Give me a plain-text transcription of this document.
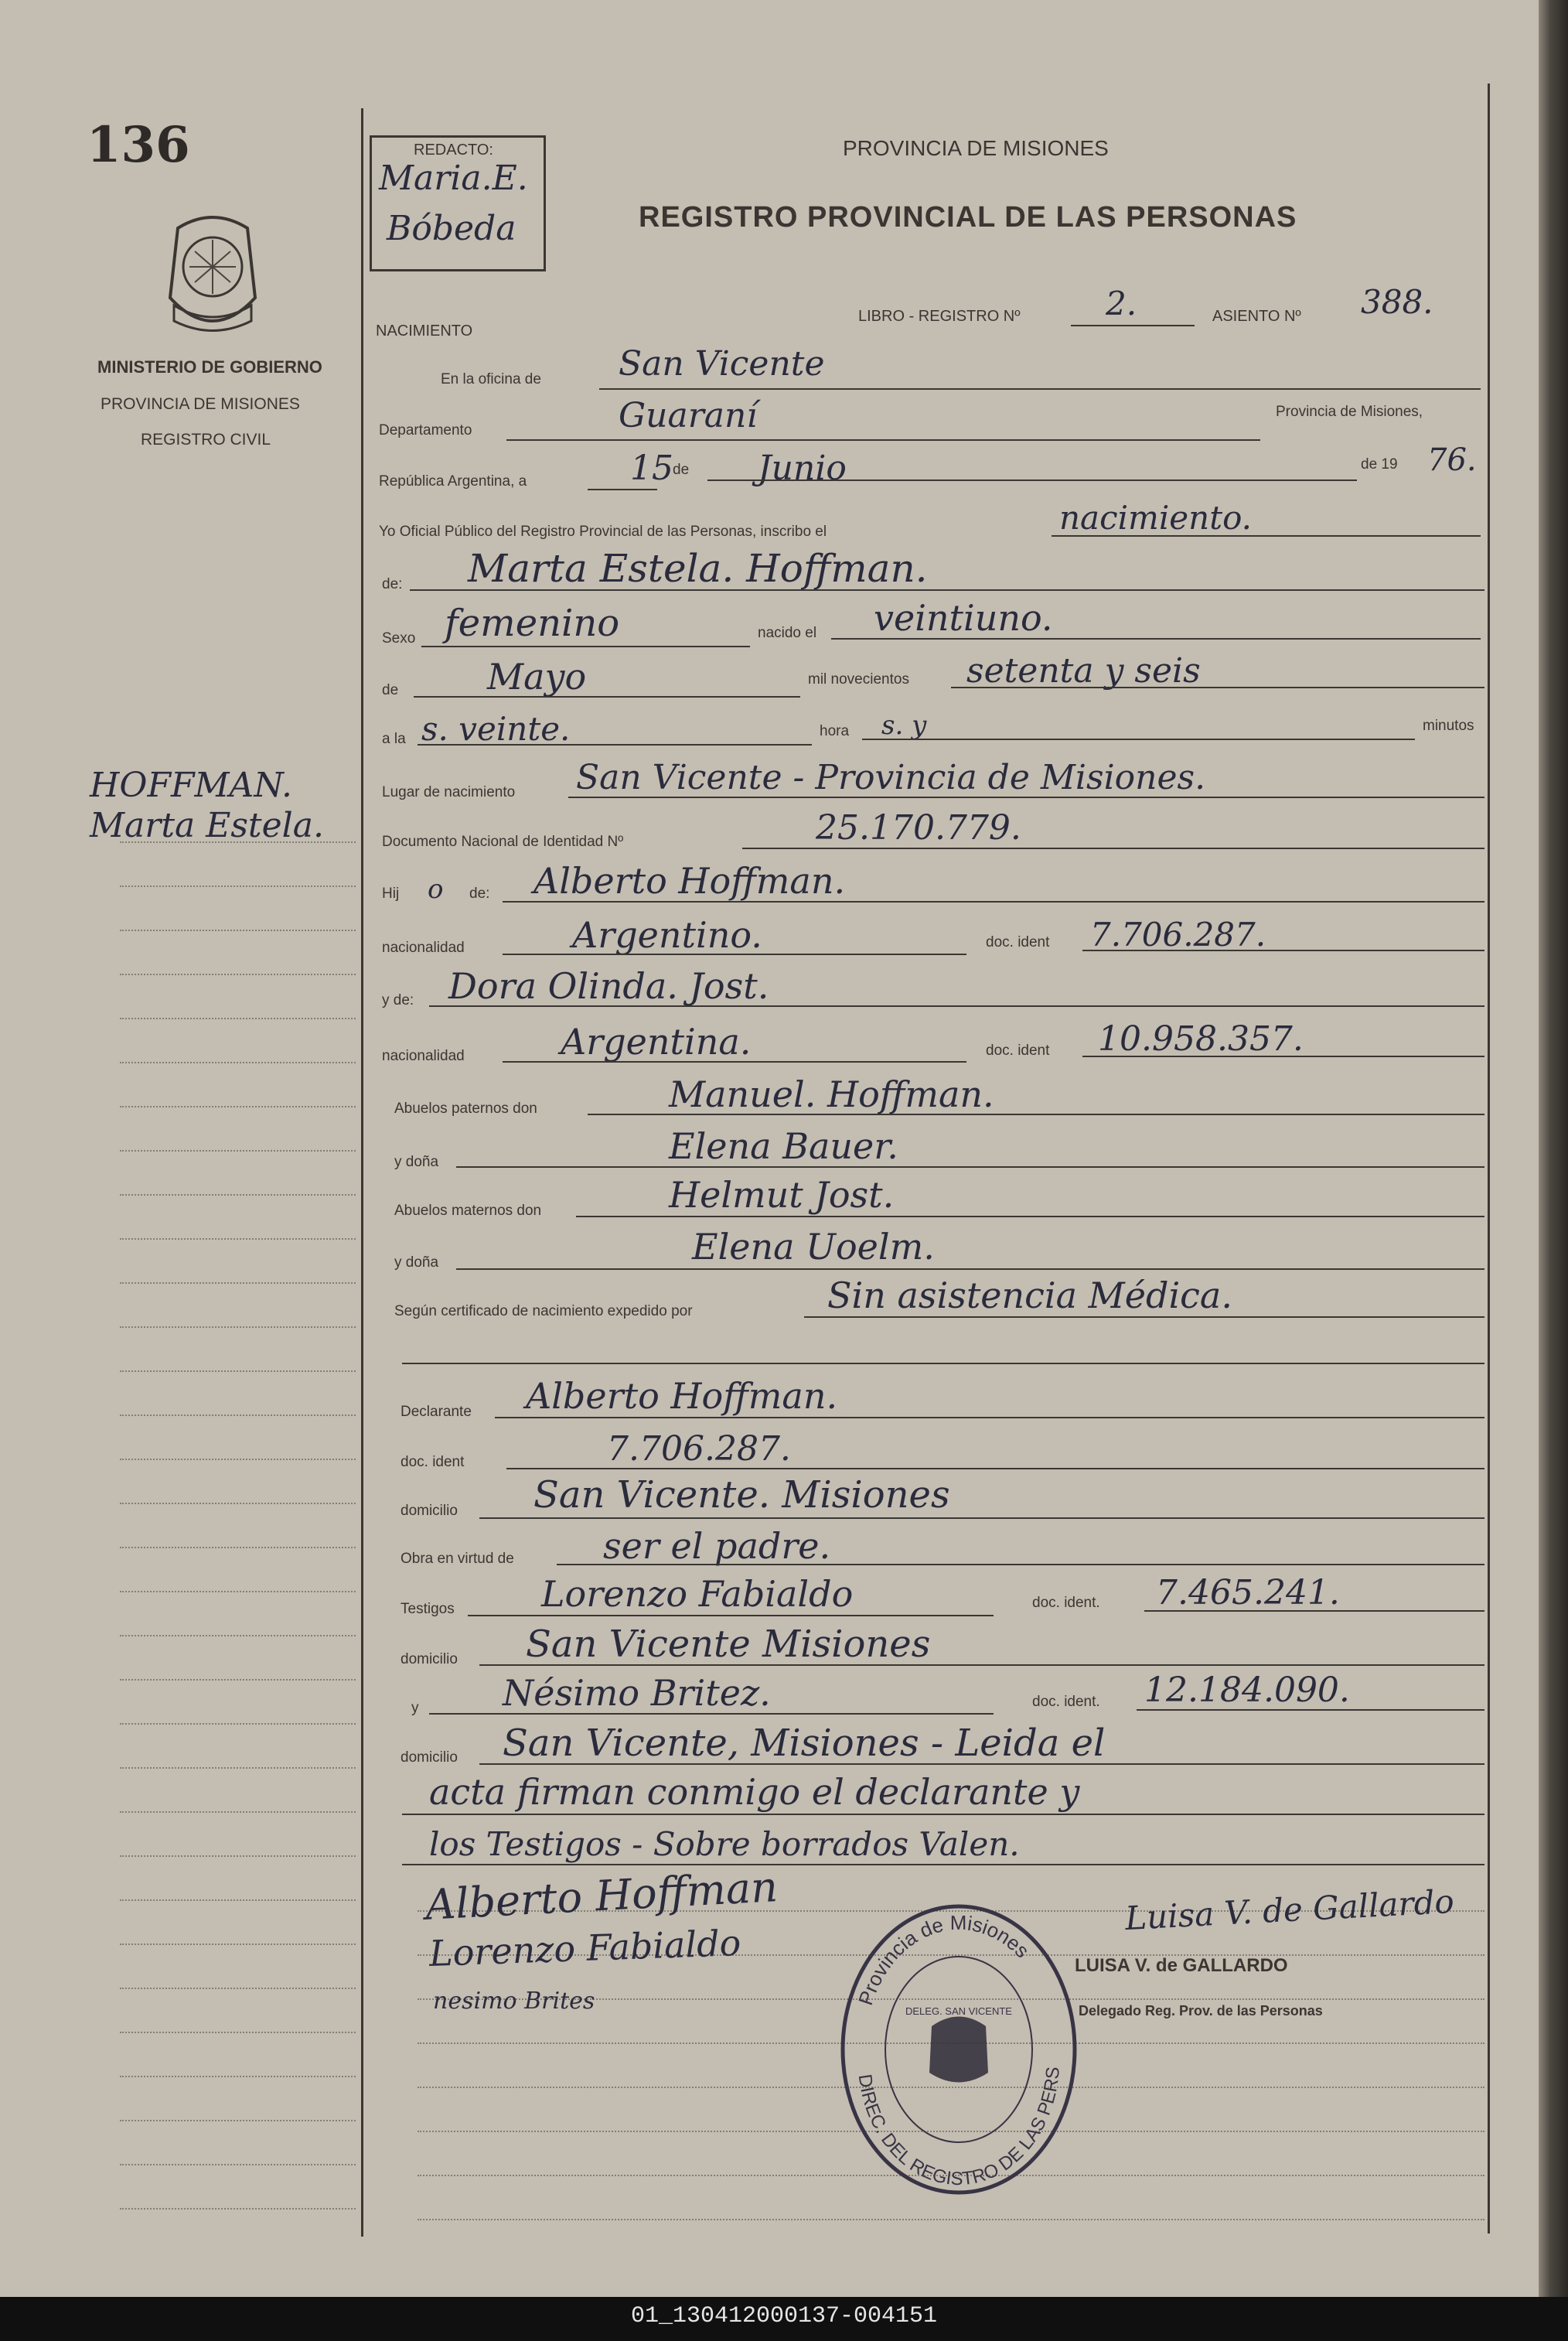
136
MINISTERIO DE GOBIERNO
PROVINCIA DE MISIONES
REGISTRO CIVIL
HOFFMAN.
Marta Estela.
REDACTO:
Maria.E.
Bóbeda
PROVINCIA DE MISIONES
REGISTRO PROVINCIAL DE LAS PERSONAS
NACIMIENTO
LIBRO - REGISTRO Nº	2.	ASIENTO Nº 388.
En la oficina de San Vicente
Departamento	Guaraní	Provincia de Misiones,
República Argentina, a	15 de Junio	de 19 76.
Yo Oficial Público del Registro Provincial de las Personas, inscribo el	nacimiento.
de: Marta Estela. Hoffman.
Sexo femenino	nacido el veintiuno.
de Mayo	mil novecientos setenta y seis
a la s. veinte.	hora s. y	minutos
Lugar de nacimiento San Vicente - Provincia de Misiones.
Documento Nacional de Identidad Nº	25.170.779.
Hij o de: Alberto Hoffman.
nacionalidad	Argentino.	doc. ident 7.706.287.
y de: Dora Olinda. Jost.
nacionalidad	Argentina.	doc. ident 10.958.357.
Abuelos paternos don	Manuel. Hoffman.
y doña	Elena Bauer.
Abuelos maternos don	Helmut Jost.
y doña	Elena Uoelm.
Según certificado de nacimiento expedido por	Sin asistencia Médica.
Declarante Alberto Hoffman.
doc. ident	7.706.287.
domicilio San Vicente. Misiones
Obra en virtud de	ser el padre.
Testigos Lorenzo Fabialdo	doc. ident. 7.465.241.
domicilio San Vicente Misiones
y Nésimo Britez.	doc. ident. 12.184.090.
domicilio San Vicente, Misiones - Leida el
acta firman conmigo el declarante y
los Testigos - Sobre borrados Valen.
Alberto Hoffman
Lorenzo Fabialdo
nesimo Brites	Provincia de Misiones
DIREC. DEL REGISTRO DE LAS PERS
DELEG. SAN VICENTE
Luisa V. de Gallardo
LUISA V. de GALLARDO
Delegado Reg. Prov. de las Personas
01_130412000137-004151
